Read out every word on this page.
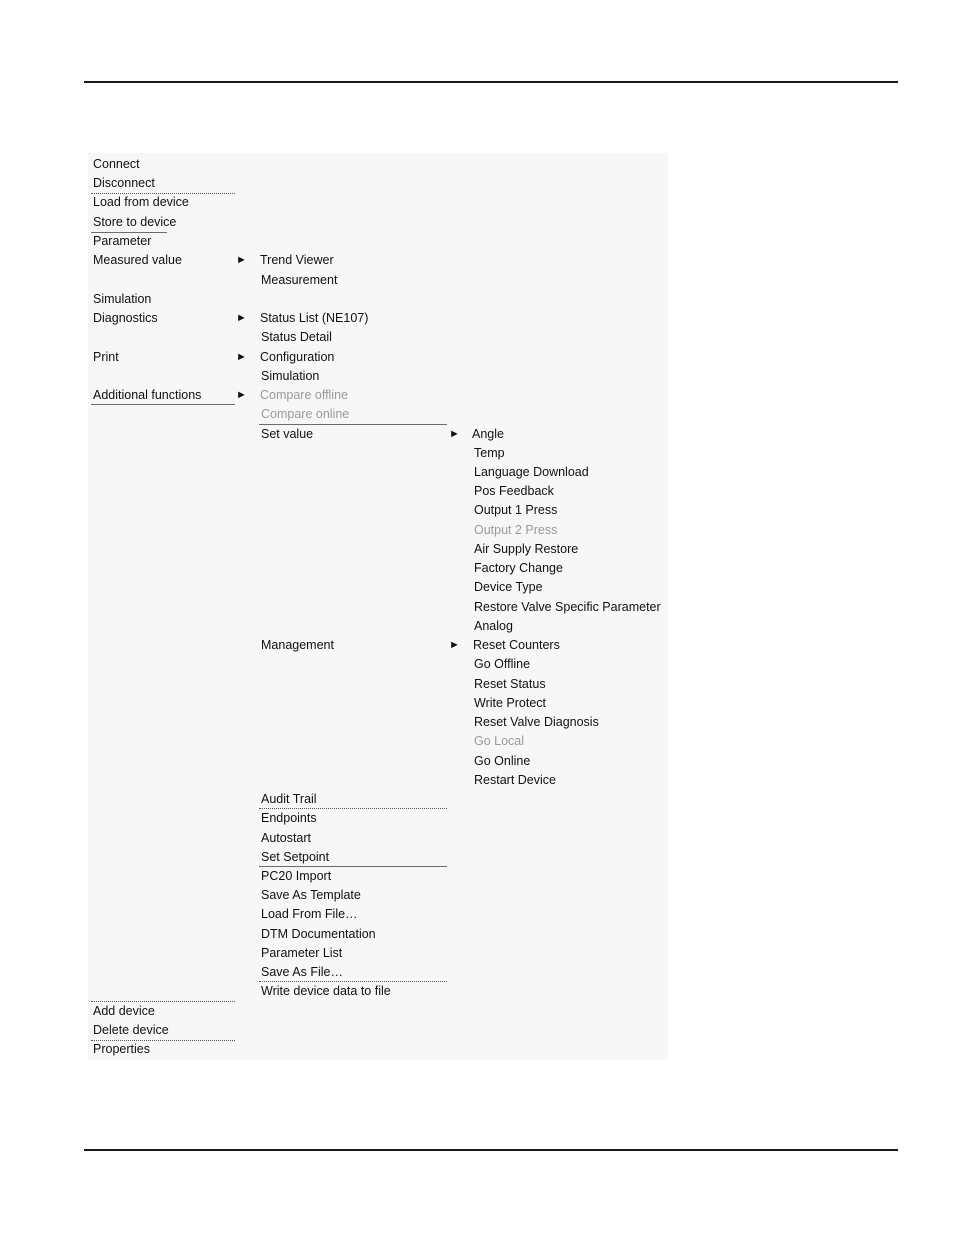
Connect
Disconnect
Load from device
Store to device
Parameter
Measured value	►
Simulation
Diagnostics	►
Print	►
Additional functions	►
Add device
Delete device
Properties
Trend Viewer
Measurement
Status List (NE107)
Status Detail
Configuration
Simulation
Compare offline
Compare online
Set value	►
Management	►
Audit Trail
Endpoints
Autostart
Set Setpoint
PC20 Import
Save As Template
Load From File…
DTM Documentation
Parameter List
Save As File…
Write device data to file
Angle
Temp
Language Download
Pos Feedback
Output 1 Press
Output 2 Press
Air Supply Restore
Factory Change
Device Type
Restore Valve Specific Parameter
Analog
Reset Counters
Go Offline
Reset Status
Write Protect
Reset Valve Diagnosis
Go Local
Go Online
Restart Device
